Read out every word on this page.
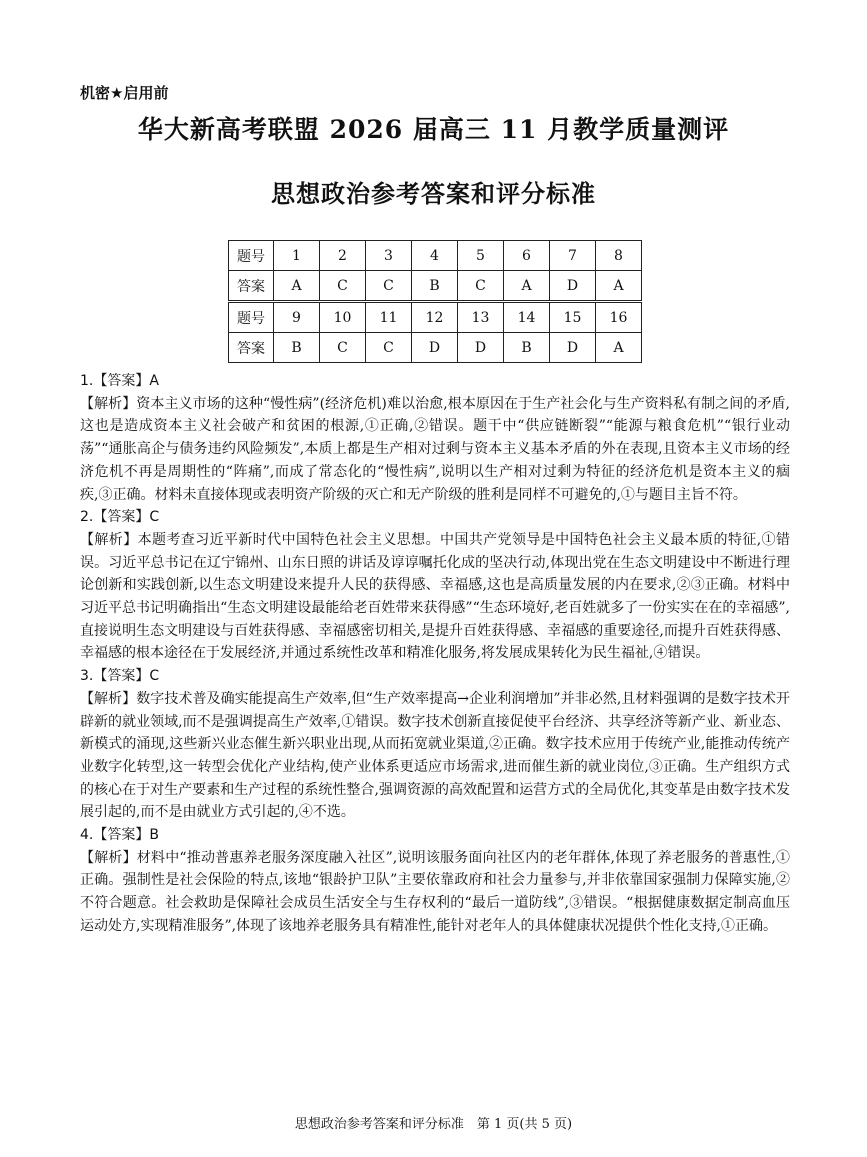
机密★启用前
华大新高考联盟 2026 届高三 11 月教学质量测评
思想政治参考答案和评分标准
题号	1	2	3	4	5	6	7	8
答案	A	C	C	B	C	A	D	A
题号	9	10	11	12	13	14	15	16
答案	B	C	C	D	D	B	D	A
1.【答案】A
【解析】资本主义市场的这种“慢性病”(经济危机)难以治愈,根本原因在于生产社会化与生产资料私有制之间的矛盾,这也是造成资本主义社会破产和贫困的根源,①正确,②错误。题干中“供应链断裂”“能源与粮食危机”“银行业动荡”“通胀高企与债务违约风险频发”,本质上都是生产相对过剩与资本主义基本矛盾的外在表现,且资本主义市场的经济危机不再是周期性的“阵痛”,而成了常态化的“慢性病”,说明以生产相对过剩为特征的经济危机是资本主义的痼疾,③正确。材料未直接体现或表明资产阶级的灭亡和无产阶级的胜利是同样不可避免的,①与题目主旨不符。
2.【答案】C
【解析】本题考查习近平新时代中国特色社会主义思想。中国共产党领导是中国特色社会主义最本质的特征,①错误。习近平总书记在辽宁锦州、山东日照的讲话及谆谆嘱托化成的坚决行动,体现出党在生态文明建设中不断进行理论创新和实践创新,以生态文明建设来提升人民的获得感、幸福感,这也是高质量发展的内在要求,②③正确。材料中习近平总书记明确指出“生态文明建设最能给老百姓带来获得感”“生态环境好,老百姓就多了一份实实在在的幸福感”,直接说明生态文明建设与百姓获得感、幸福感密切相关,是提升百姓获得感、幸福感的重要途径,而提升百姓获得感、幸福感的根本途径在于发展经济,并通过系统性改革和精准化服务,将发展成果转化为民生福祉,④错误。
3.【答案】C
【解析】数字技术普及确实能提高生产效率,但“生产效率提高→企业利润增加”并非必然,且材料强调的是数字技术开辟新的就业领域,而不是强调提高生产效率,①错误。数字技术创新直接促使平台经济、共享经济等新产业、新业态、新模式的涌现,这些新兴业态催生新兴职业出现,从而拓宽就业渠道,②正确。数字技术应用于传统产业,能推动传统产业数字化转型,这一转型会优化产业结构,使产业体系更适应市场需求,进而催生新的就业岗位,③正确。生产组织方式的核心在于对生产要素和生产过程的系统性整合,强调资源的高效配置和运营方式的全局优化,其变革是由数字技术发展引起的,而不是由就业方式引起的,④不选。
4.【答案】B
【解析】材料中“推动普惠养老服务深度融入社区”,说明该服务面向社区内的老年群体,体现了养老服务的普惠性,①正确。强制性是社会保险的特点,该地“银龄护卫队”主要依靠政府和社会力量参与,并非依靠国家强制力保障实施,②不符合题意。社会救助是保障社会成员生活安全与生存权利的“最后一道防线”,③错误。“根据健康数据定制高血压运动处方,实现精准服务”,体现了该地养老服务具有精准性,能针对老年人的具体健康状况提供个性化支持,①正确。
思想政治参考答案和评分标准　第 1 页(共 5 页)
